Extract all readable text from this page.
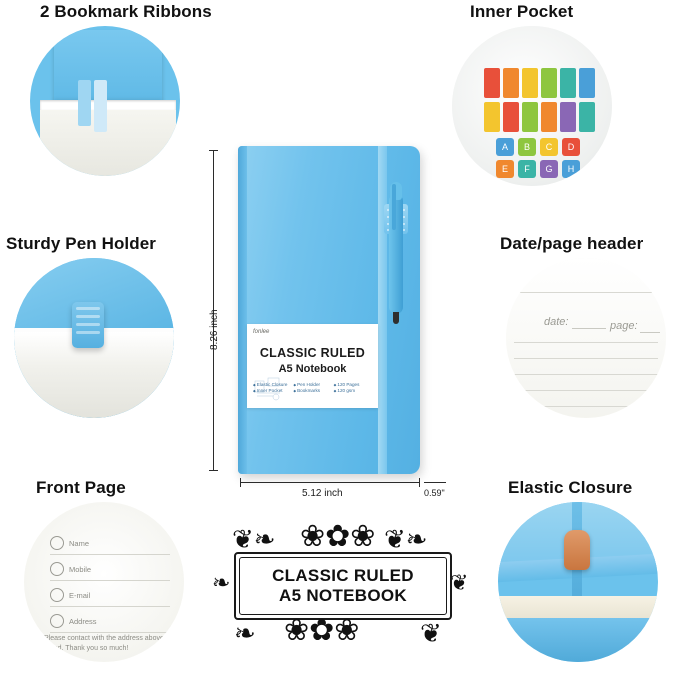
2 Bookmark Ribbons	Inner Pocket
A	B	C	D
E	F	G	H
Sturdy Pen Holder	Date/page header
date:	page:
Front Page
Name
Mobile
E-mail
Address
Please contact with the address above if found. Thank you so much!
Elastic Closure
fonlee
CLASSIC RULED
A5 Notebook
◆ Elastic Closure	◆ Pen Holder	◆ 120 Pages
◆ Inner Pocket	◆ Bookmarks	◆ 120 gsm
8.26 inch
5.12 inch	0.59"
❦❧	❦❧
❀✿❀
❧	❦
CLASSIC RULED
A5 NOTEBOOK
❀✿❀
❧	❦
